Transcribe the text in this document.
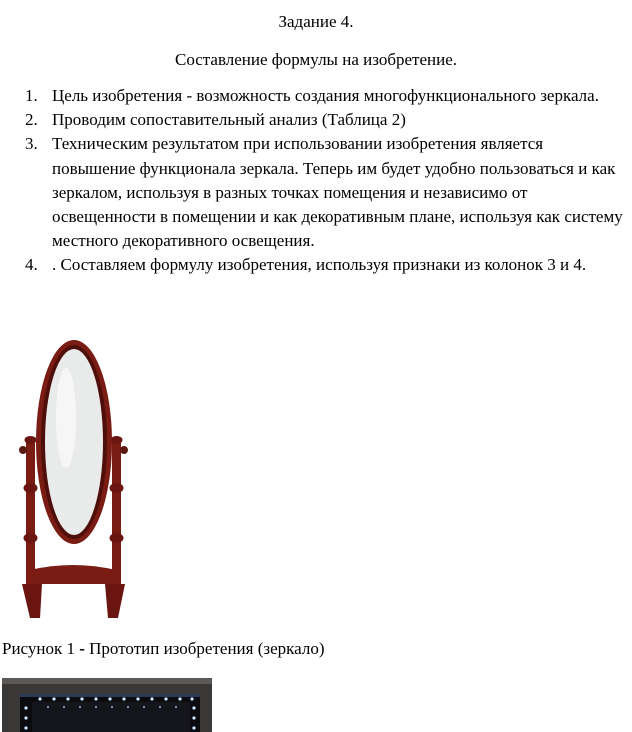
Задание 4.
Составление формулы на изобретение.
1. Цель изобретения - возможность создания многофункционального зеркала.
2. Проводим сопоставительный анализ (Таблица 2)
3. Техническим результатом при использовании изобретения является повышение функционала зеркала. Теперь им будет удобно пользоваться и как зеркалом, используя в разных точках помещения и независимо от освещенности в помещении и как декоративным плане, используя как систему местного декоративного освещения.
4. . Составляем формулу изобретения, используя признаки из колонок 3 и 4.
Рисунок 1 - Прототип изобретения (зеркало)
